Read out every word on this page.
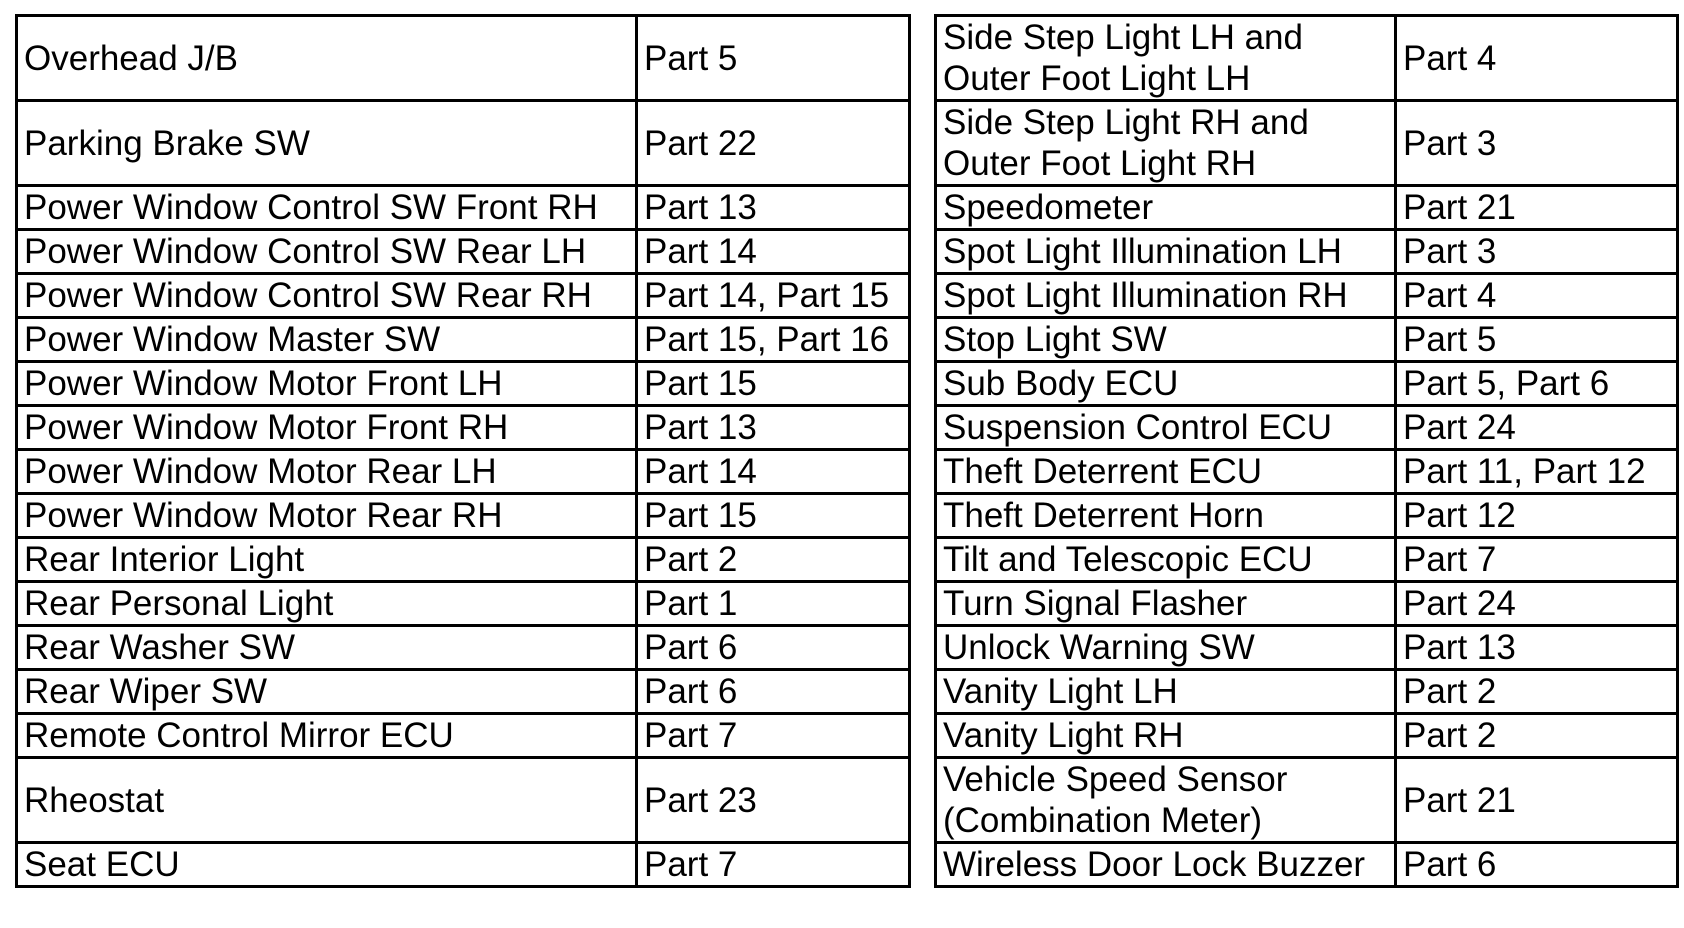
Overhead J/B	Part 5
Parking Brake SW	Part 22
Power Window Control SW Front RH	Part 13
Power Window Control SW Rear LH	Part 14
Power Window Control SW Rear RH	Part 14, Part 15
Power Window Master SW	Part 15, Part 16
Power Window Motor Front LH	Part 15
Power Window Motor Front RH	Part 13
Power Window Motor Rear LH	Part 14
Power Window Motor Rear RH	Part 15
Rear Interior Light	Part 2
Rear Personal Light	Part 1
Rear Washer SW	Part 6
Rear Wiper SW	Part 6
Remote Control Mirror ECU	Part 7
Rheostat	Part 23
Seat ECU	Part 7
Side Step Light LH and
Outer Foot Light LH	Part 4
Side Step Light RH and
Outer Foot Light RH	Part 3
Speedometer	Part 21
Spot Light Illumination LH	Part 3
Spot Light Illumination RH	Part 4
Stop Light SW	Part 5
Sub Body ECU	Part 5, Part 6
Suspension Control ECU	Part 24
Theft Deterrent ECU	Part 11, Part 12
Theft Deterrent Horn	Part 12
Tilt and Telescopic ECU	Part 7
Turn Signal Flasher	Part 24
Unlock Warning SW	Part 13
Vanity Light LH	Part 2
Vanity Light RH	Part 2
Vehicle Speed Sensor
(Combination Meter)	Part 21
Wireless Door Lock Buzzer	Part 6
